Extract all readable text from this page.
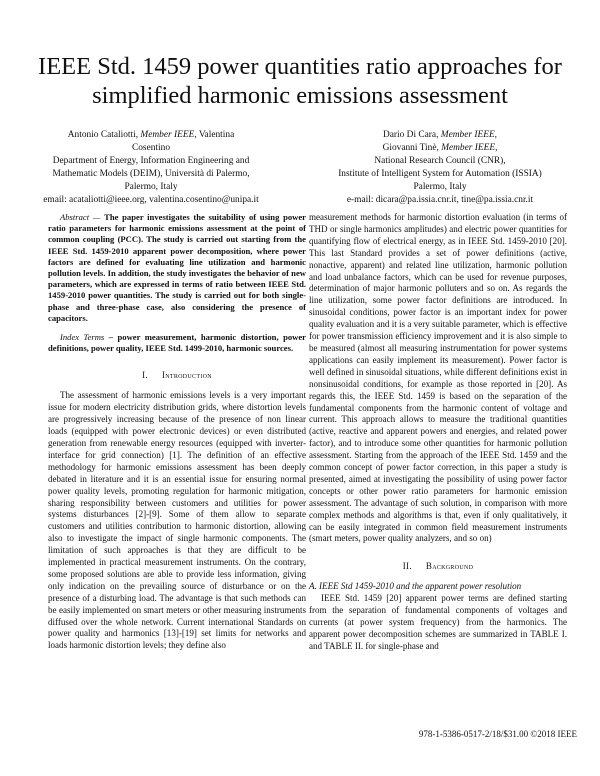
IEEE Std. 1459 power quantities ratio approaches for
simplified harmonic emissions assessment
Antonio Cataliotti, Member IEEE, Valentina
Cosentino
Department of Energy, Information Engineering and
Mathematic Models (DEIM), Università di Palermo,
Palermo, Italy
email: acataliotti@ieee.org, valentina.cosentino@unipa.it
Dario Di Cara, Member IEEE,
Giovanni Tinè, Member IEEE,
National Research Council (CNR),
Institute of Intelligent System for Automation (ISSIA)
Palermo, Italy
e-mail: dicara@pa.issia.cnr.it, tine@pa.issia.cnr.it

Abstract — The paper investigates the suitability of using power ratio parameters for harmonic emissions assessment at the point of common coupling (PCC). The study is carried out starting from the IEEE Std. 1459-2010 apparent power decomposition, where power factors are defined for evaluating line utilization and harmonic pollution levels. In addition, the study investigates the behavior of new parameters, which are expressed in terms of ratio between IEEE Std. 1459-2010 power quantities. The study is carried out for both single-phase and three-phase case, also considering the presence of capacitors.

Index Terms – power measurement, harmonic distortion, power definitions, power quality, IEEE Std. 1499-2010, harmonic sources.

I. Introduction

The assessment of harmonic emissions levels is a very important issue for modern electricity distribution grids, where distortion levels are progressively increasing because of the presence of non linear loads (equipped with power electronic devices) or even distributed generation from renewable energy resources (equipped with inverter-interface for grid connection) [1]. The definition of an effective methodology for harmonic emissions assessment has been deeply debated in literature and it is an essential issue for ensuring normal power quality levels, promoting regulation for harmonic mitigation, sharing responsibility between customers and utilities for power systems disturbances [2]-[9]. Some of them allow to separate customers and utilities contribution to harmonic distortion, allowing also to investigate the impact of single harmonic components. The limitation of such approaches is that they are difficult to be implemented in practical measurement instruments. On the contrary, some proposed solutions are able to provide less information, giving only indication on the prevailing source of disturbance or on the presence of a disturbing load. The advantage is that such methods can be easily implemented on smart meters or other measuring instruments diffused over the whole network. Current international Standards on power quality and harmonics [13]-[19] set limits for networks and loads harmonic distortion levels; they define also

measurement methods for harmonic distortion evaluation (in terms of THD or single harmonics amplitudes) and electric power quantities for quantifying flow of electrical energy, as in IEEE Std. 1459-2010 [20]. This last Standard provides a set of power definitions (active, nonactive, apparent) and related line utilization, harmonic pollution and load unbalance factors, which can be used for revenue purposes, determination of major harmonic polluters and so on. As regards the line utilization, some power factor definitions are introduced. In sinusoidal conditions, power factor is an important index for power quality evaluation and it is a very suitable parameter, which is effective for power transmission efficiency improvement and it is also simple to be measured (almost all measuring instrumentation for power systems applications can easily implement its measurement). Power factor is well defined in sinusoidal situations, while different definitions exist in nonsinusoidal conditions, for example as those reported in [20]. As regards this, the IEEE Std. 1459 is based on the separation of the fundamental components from the harmonic content of voltage and current. This approach allows to measure the traditional quantities (active, reactive and apparent powers and energies, and related power factor), and to introduce some other quantities for harmonic pollution assessment. Starting from the approach of the IEEE Std. 1459 and the common concept of power factor correction, in this paper a study is presented, aimed at investigating the possibility of using power factor concepts or other power ratio parameters for harmonic emission assessment. The advantage of such solution, in comparison with more complex methods and algorithms is that, even if only qualitatively, it can be easily integrated in common field measurement instruments (smart meters, power quality analyzers, and so on)

II. Background

A. IEEE Std 1459-2010 and the apparent power resolution

IEEE Std. 1459 [20] apparent power terms are defined starting from the separation of fundamental components of voltages and currents (at power system frequency) from the harmonics. The apparent power decomposition schemes are summarized in TABLE I. and TABLE II. for single-phase and

978-1-5386-0517-2/18/$31.00 ©2018 IEEE
